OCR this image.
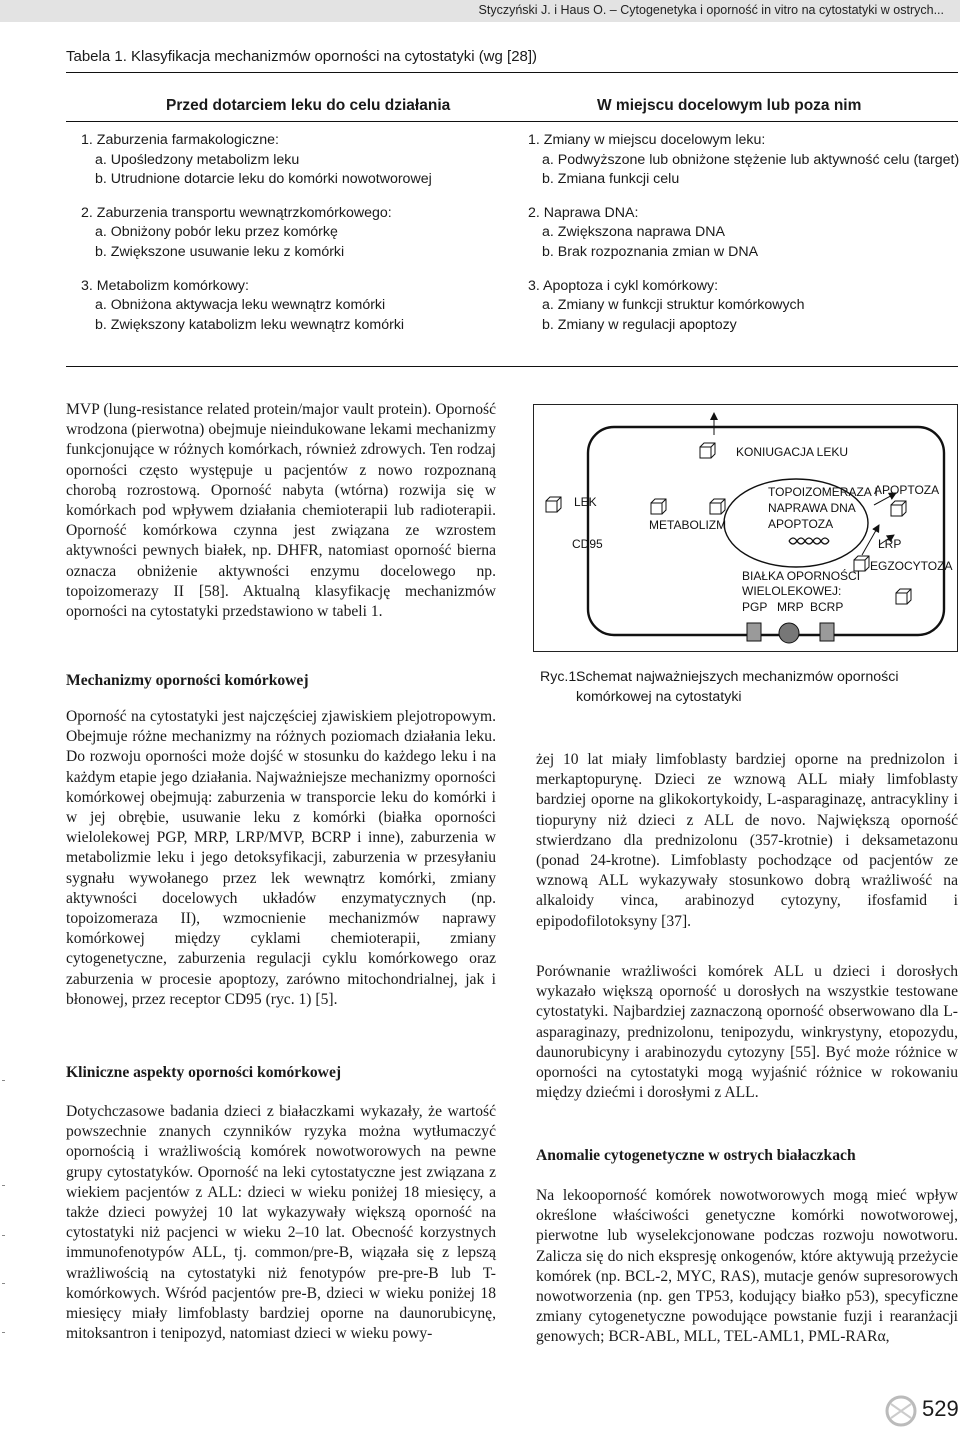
Styczyński J. i Haus O. – Cytogenetyka i oporność in vitro na cytostatyki w ostrych...
Tabela 1. Klasyfikacja mechanizmów oporności na cytostatyki (wg [28])
Przed dotarciem leku do celu działania	W miejscu docelowym lub poza nim
1. Zaburzenia farmakologiczne:
a. Upośledzony metabolizm leku
b. Utrudnione dotarcie leku do komórki nowotworowej
2. Zaburzenia transportu wewnątrzkomórkowego:
a. Obniżony pobór leku przez komórkę
b. Zwiększone usuwanie leku z komórki
3. Metabolizm komórkowy:
a. Obniżona aktywacja leku wewnątrz komórki
b. Zwiększony katabolizm leku wewnątrz komórki
1. Zmiany w miejscu docelowym leku:
a. Podwyższone lub obniżone stężenie lub aktywność celu (target)
b. Zmiana funkcji celu
2. Naprawa DNA:
a. Zwiększona naprawa DNA
b. Brak rozpoznania zmian w DNA
3. Apoptoza i cykl komórkowy:
a. Zmiany w funkcji struktur komórkowych
b. Zmiany w regulacji apoptozy

MVP (lung-resistance related protein/major vault protein). Oporność wrodzona (pierwotna) obejmuje nieindukowane lekami mechanizmy funkcjonujące w różnych komórkach, również zdrowych. Ten rodzaj oporności często występuje u pacjentów z nowo rozpoznaną chorobą rozrostową. Oporność nabyta (wtórna) rozwija się w komórkach pod wpływem działania chemioterapii lub radioterapii. Oporność komórkowa czynna jest związana ze wzrostem aktywności pewnych białek, np. DHFR, natomiast oporność bierna oznacza obniżenie aktywności enzymu docelowego np. topoizomerazy II [58]. Aktualną klasyfikację mechanizmów oporności na cytostatyki przedstawiono w tabeli 1.

Mechanizmy oporności komórkowej

Oporność na cytostatyki jest najczęściej zjawiskiem plejotropowym. Obejmuje różne mechanizmy na różnych poziomach działania leku. Do rozwoju oporności może dojść w stosunku do każdego leku i na każdym etapie jego działania. Najważniejsze mechanizmy oporności komórkowej obejmują: zaburzenia w transporcie leku do komórki i w jej obrębie, usuwanie leku z komórki (białka oporności wielolekowej PGP, MRP, LRP/MVP, BCRP i inne), zaburzenia w metabolizmie leku i jego detoksyfikacji, zaburzenia w przesyłaniu sygnału wywołanego przez lek wewnątrz komórki, zmiany aktywności docelowych układów enzymatycznych (np. topoizomeraza II), wzmocnienie mechanizmów naprawy komórkowej między cyklami chemioterapii, zmiany cytogenetyczne, zaburzenia regulacji cyklu komórkowego oraz zaburzenia w procesie apoptozy, zarówno mitochondrialnej, jak i błonowej, przez receptor CD95 (ryc. 1) [5].

Kliniczne aspekty oporności komórkowej

Dotychczasowe badania dzieci z białaczkami wykazały, że wartość powszechnie znanych czynników ryzyka można wytłumaczyć opornością i wrażliwością komórek nowotworowych na pewne grupy cytostatyków. Oporność na leki cytostatyczne jest związana z wiekiem pacjentów z ALL: dzieci w wieku poniżej 18 miesięcy, a także dzieci powyżej 10 lat wykazywały większą oporność na cytostatyki niż pacjenci w wieku 2–10 lat. Obecność korzystnych immunofenotypów ALL, tj. common/pre-B, wiązała się z lepszą wrażliwością na cytostatyki niż fenotypów pre-pre-B lub T-komórkowych. Wśród pacjentów pre-B, dzieci w wieku poniżej 18 miesięcy miały limfoblasty bardziej oporne na daunorubicynę, mitoksantron i tenipozyd, natomiast dzieci w wieku powy-

LEK
CD95
METABOLIZM
KONIUGACJA LEKU
TOPOIZOMERAZA I
NAPRAWA DNA
APOPTOZA
APOPTOZA
LRP
EGZOCYTOZA
BIAŁKA OPORNOŚCI
WIELOLEKOWEJ:
PGP MRP BCRP
Ryc.1.
Schemat najważniejszych mechanizmów oporności komórkowej na cytostatyki

żej 10 lat miały limfoblasty bardziej oporne na prednizolon i merkaptopurynę. Dzieci ze wznową ALL miały limfoblasty bardziej oporne na glikokortykoidy, L-asparaginazę, antracykliny i tiopuryny niż dzieci z ALL de novo. Największą oporność stwierdzano dla prednizolonu (357-krotnie) i deksametazonu (ponad 24-krotne). Limfoblasty pochodzące od pacjentów ze wznową ALL wykazywały stosunkowo dobrą wrażliwość na alkaloidy vinca, arabinozyd cytozyny, ifosfamid i epipodofilotoksyny [37].

Porównanie wrażliwości komórek ALL u dzieci i dorosłych wykazało większą oporność u dorosłych na wszystkie testowane cytostatyki. Najbardziej zaznaczoną oporność obserwowano dla L-asparaginazy, prednizolonu, tenipozydu, winkrystyny, etopozydu, daunorubicyny i arabinozydu cytozyny [55]. Być może różnice w oporności na cytostatyki mogą wyjaśnić różnice w rokowaniu między dziećmi i dorosłymi z ALL.

Anomalie cytogenetyczne w ostrych białaczkach

Na lekooporność komórek nowotworowych mogą mieć wpływ określone właściwości genetyczne komórki nowotworowej, pierwotne lub wyselekcjonowane podczas rozwoju nowotworu. Zalicza się do nich ekspresję onkogenów, które aktywują przeżycie komórek (np. BCL-2, MYC, RAS), mutacje genów supresorowych nowotworzenia (np. gen TP53, kodujący białko p53), specyficzne zmiany cytogenetyczne powodujące powstanie fuzji i rearanżacji genowych; BCR-ABL, MLL, TEL-AML1, PML-RARα,

529
